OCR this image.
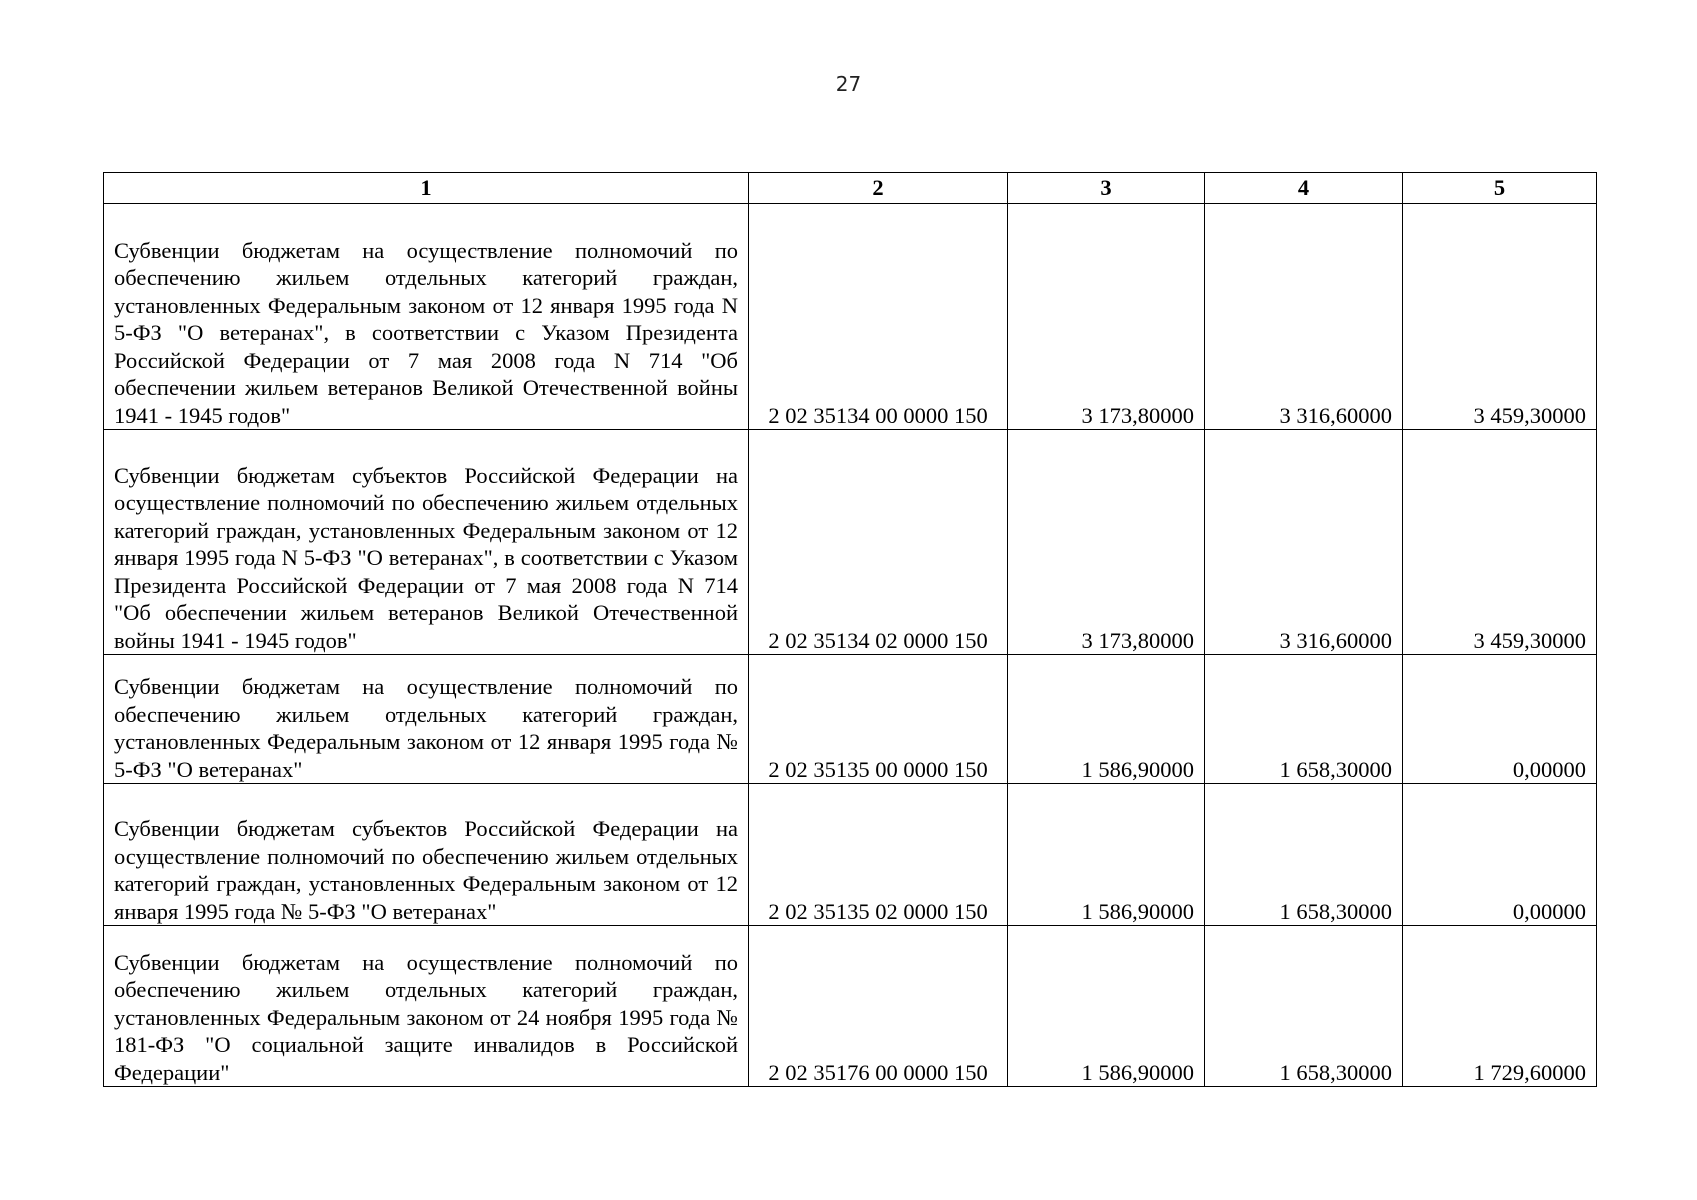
27
1	2	3	4	5
Субвенции бюджетам на осуществление полномочий по обеспечению жильем отдельных категорий граждан, установленных Федеральным законом от 12 января 1995 года N 5-ФЗ "О ветеранах", в соответствии с Указом Президента Российской Федерации от 7 мая 2008 года N 714 "Об обеспечении жильем ветеранов Великой Отечественной войны 1941 - 1945 годов"	2 02 35134 00 0000 150	3 173,80000	3 316,60000	3 459,30000
Субвенции бюджетам субъектов Российской Федерации на осуществление полномочий по обеспечению жильем отдельных категорий граждан, установленных Федеральным законом от 12 января 1995 года N 5-ФЗ "О ветеранах", в соответствии с Указом Президента Российской Федерации от 7 мая 2008 года N 714 "Об обеспечении жильем ветеранов Великой Отечественной войны 1941 - 1945 годов"	2 02 35134 02 0000 150	3 173,80000	3 316,60000	3 459,30000
Субвенции бюджетам на осуществление полномочий по обеспечению жильем отдельных категорий граждан, установленных Федеральным законом от 12 января 1995 года № 5-ФЗ "О ветеранах"	2 02 35135 00 0000 150	1 586,90000	1 658,30000	0,00000
Субвенции бюджетам субъектов Российской Федерации на осуществление полномочий по обеспечению жильем отдельных категорий граждан, установленных Федеральным законом от 12 января 1995 года № 5-ФЗ "О ветеранах"	2 02 35135 02 0000 150	1 586,90000	1 658,30000	0,00000
Субвенции бюджетам на осуществление полномочий по обеспечению жильем отдельных категорий граждан, установленных Федеральным законом от 24 ноября 1995 года № 181-ФЗ "О социальной защите инвалидов в Российской Федерации"	2 02 35176 00 0000 150	1 586,90000	1 658,30000	1 729,60000
